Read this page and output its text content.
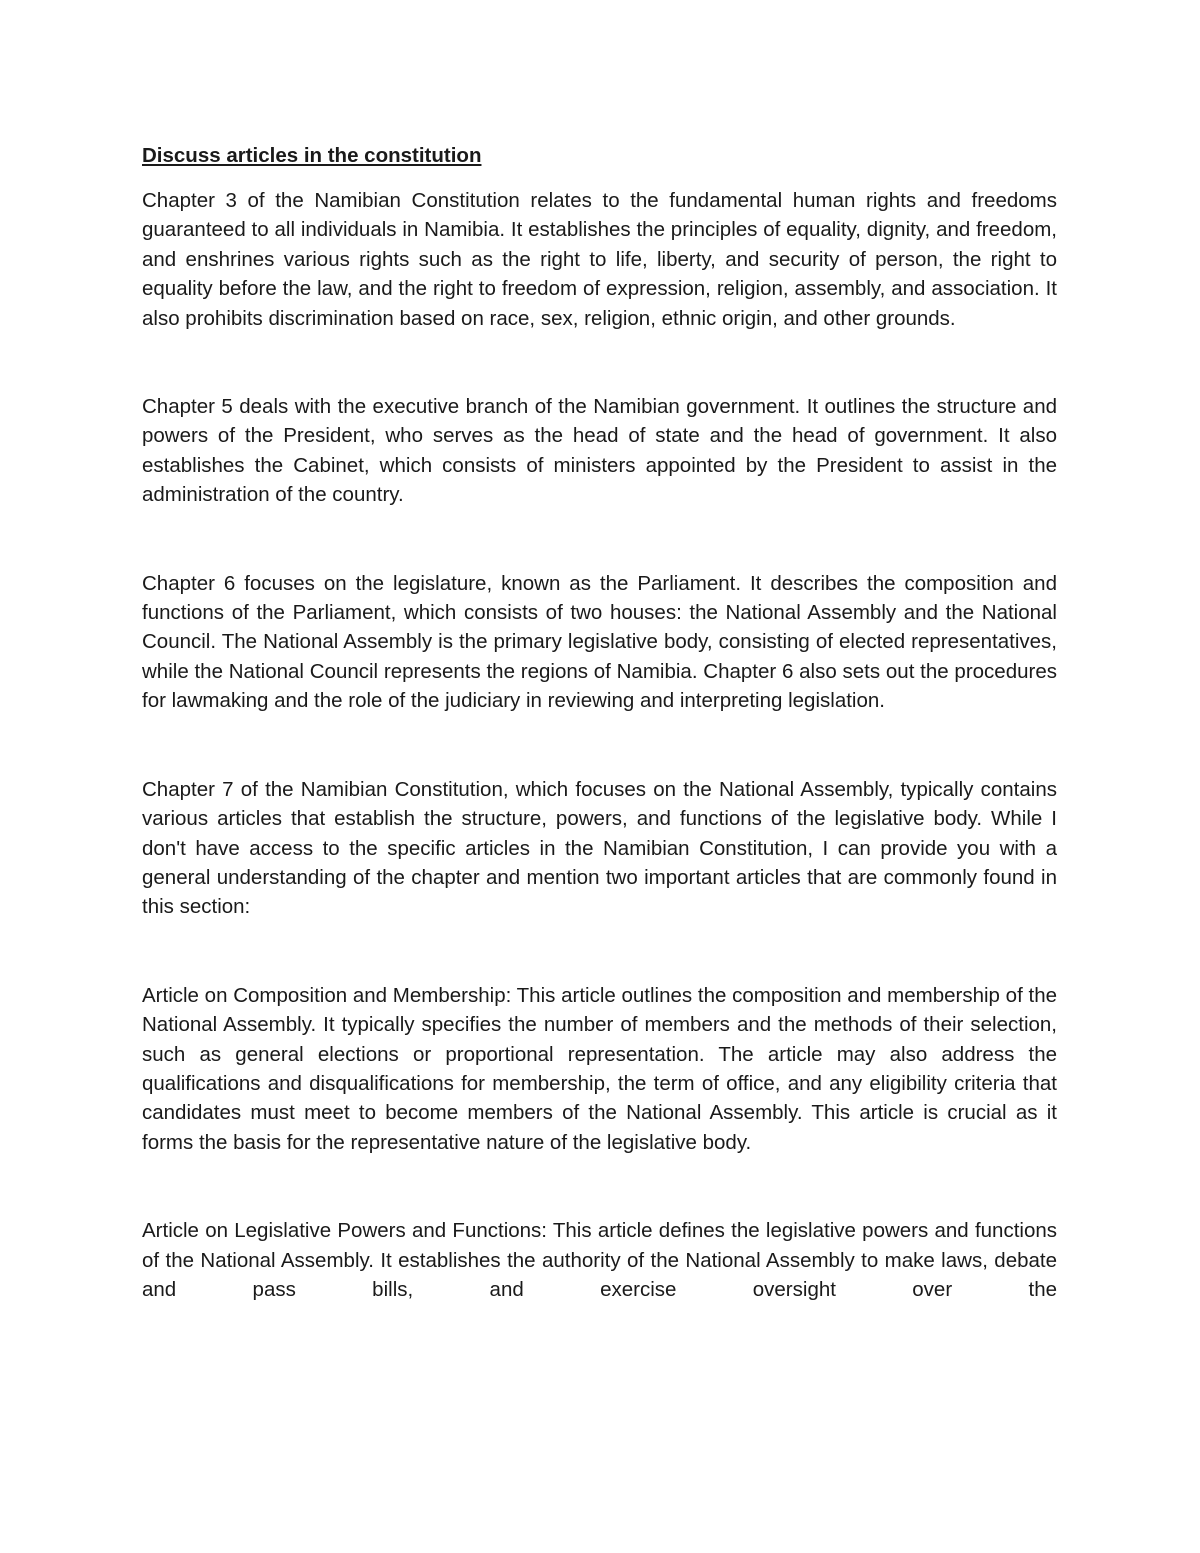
Discuss articles in the constitution

Chapter 3 of the Namibian Constitution relates to the fundamental human rights and freedoms guaranteed to all individuals in Namibia. It establishes the principles of equality, dignity, and freedom, and enshrines various rights such as the right to life, liberty, and security of person, the right to equality before the law, and the right to freedom of expression, religion, assembly, and association. It also prohibits discrimination based on race, sex, religion, ethnic origin, and other grounds.

Chapter 5 deals with the executive branch of the Namibian government. It outlines the structure and powers of the President, who serves as the head of state and the head of government. It also establishes the Cabinet, which consists of ministers appointed by the President to assist in the administration of the country.

Chapter 6 focuses on the legislature, known as the Parliament. It describes the composition and functions of the Parliament, which consists of two houses: the National Assembly and the National Council. The National Assembly is the primary legislative body, consisting of elected representatives, while the National Council represents the regions of Namibia. Chapter 6 also sets out the procedures for lawmaking and the role of the judiciary in reviewing and interpreting legislation.

Chapter 7 of the Namibian Constitution, which focuses on the National Assembly, typically contains various articles that establish the structure, powers, and functions of the legislative body. While I don't have access to the specific articles in the Namibian Constitution, I can provide you with a general understanding of the chapter and mention two important articles that are commonly found in this section:

Article on Composition and Membership: This article outlines the composition and membership of the National Assembly. It typically specifies the number of members and the methods of their selection, such as general elections or proportional representation. The article may also address the qualifications and disqualifications for membership, the term of office, and any eligibility criteria that candidates must meet to become members of the National Assembly. This article is crucial as it forms the basis for the representative nature of the legislative body.

Article on Legislative Powers and Functions: This article defines the legislative powers and functions of the National Assembly. It establishes the authority of the National Assembly to make laws, debate and pass bills, and exercise oversight over the
